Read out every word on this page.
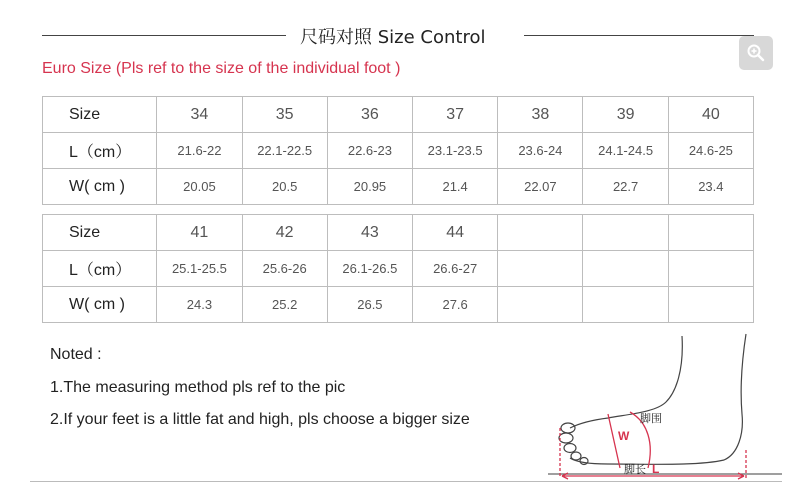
尺码对照 Size Control
Euro Size (Pls ref to the size of the individual foot )
Size	34	35	36	37	38	39	40
L（cm）	21.6-22	22.1-22.5	22.6-23	23.1-23.5	23.6-24	24.1-24.5	24.6-25
W( cm )	20.05	20.5	20.95	21.4	22.07	22.7	23.4
Size	41	42	43	44			
L（cm）	25.1-25.5	25.6-26	26.1-26.5	26.6-27			
W( cm )	24.3	25.2	26.5	27.6			
Noted :
1.The measuring method pls ref to the pic
2.If your feet is a little fat and high, pls choose a bigger size	脚围
W
脚长 L
